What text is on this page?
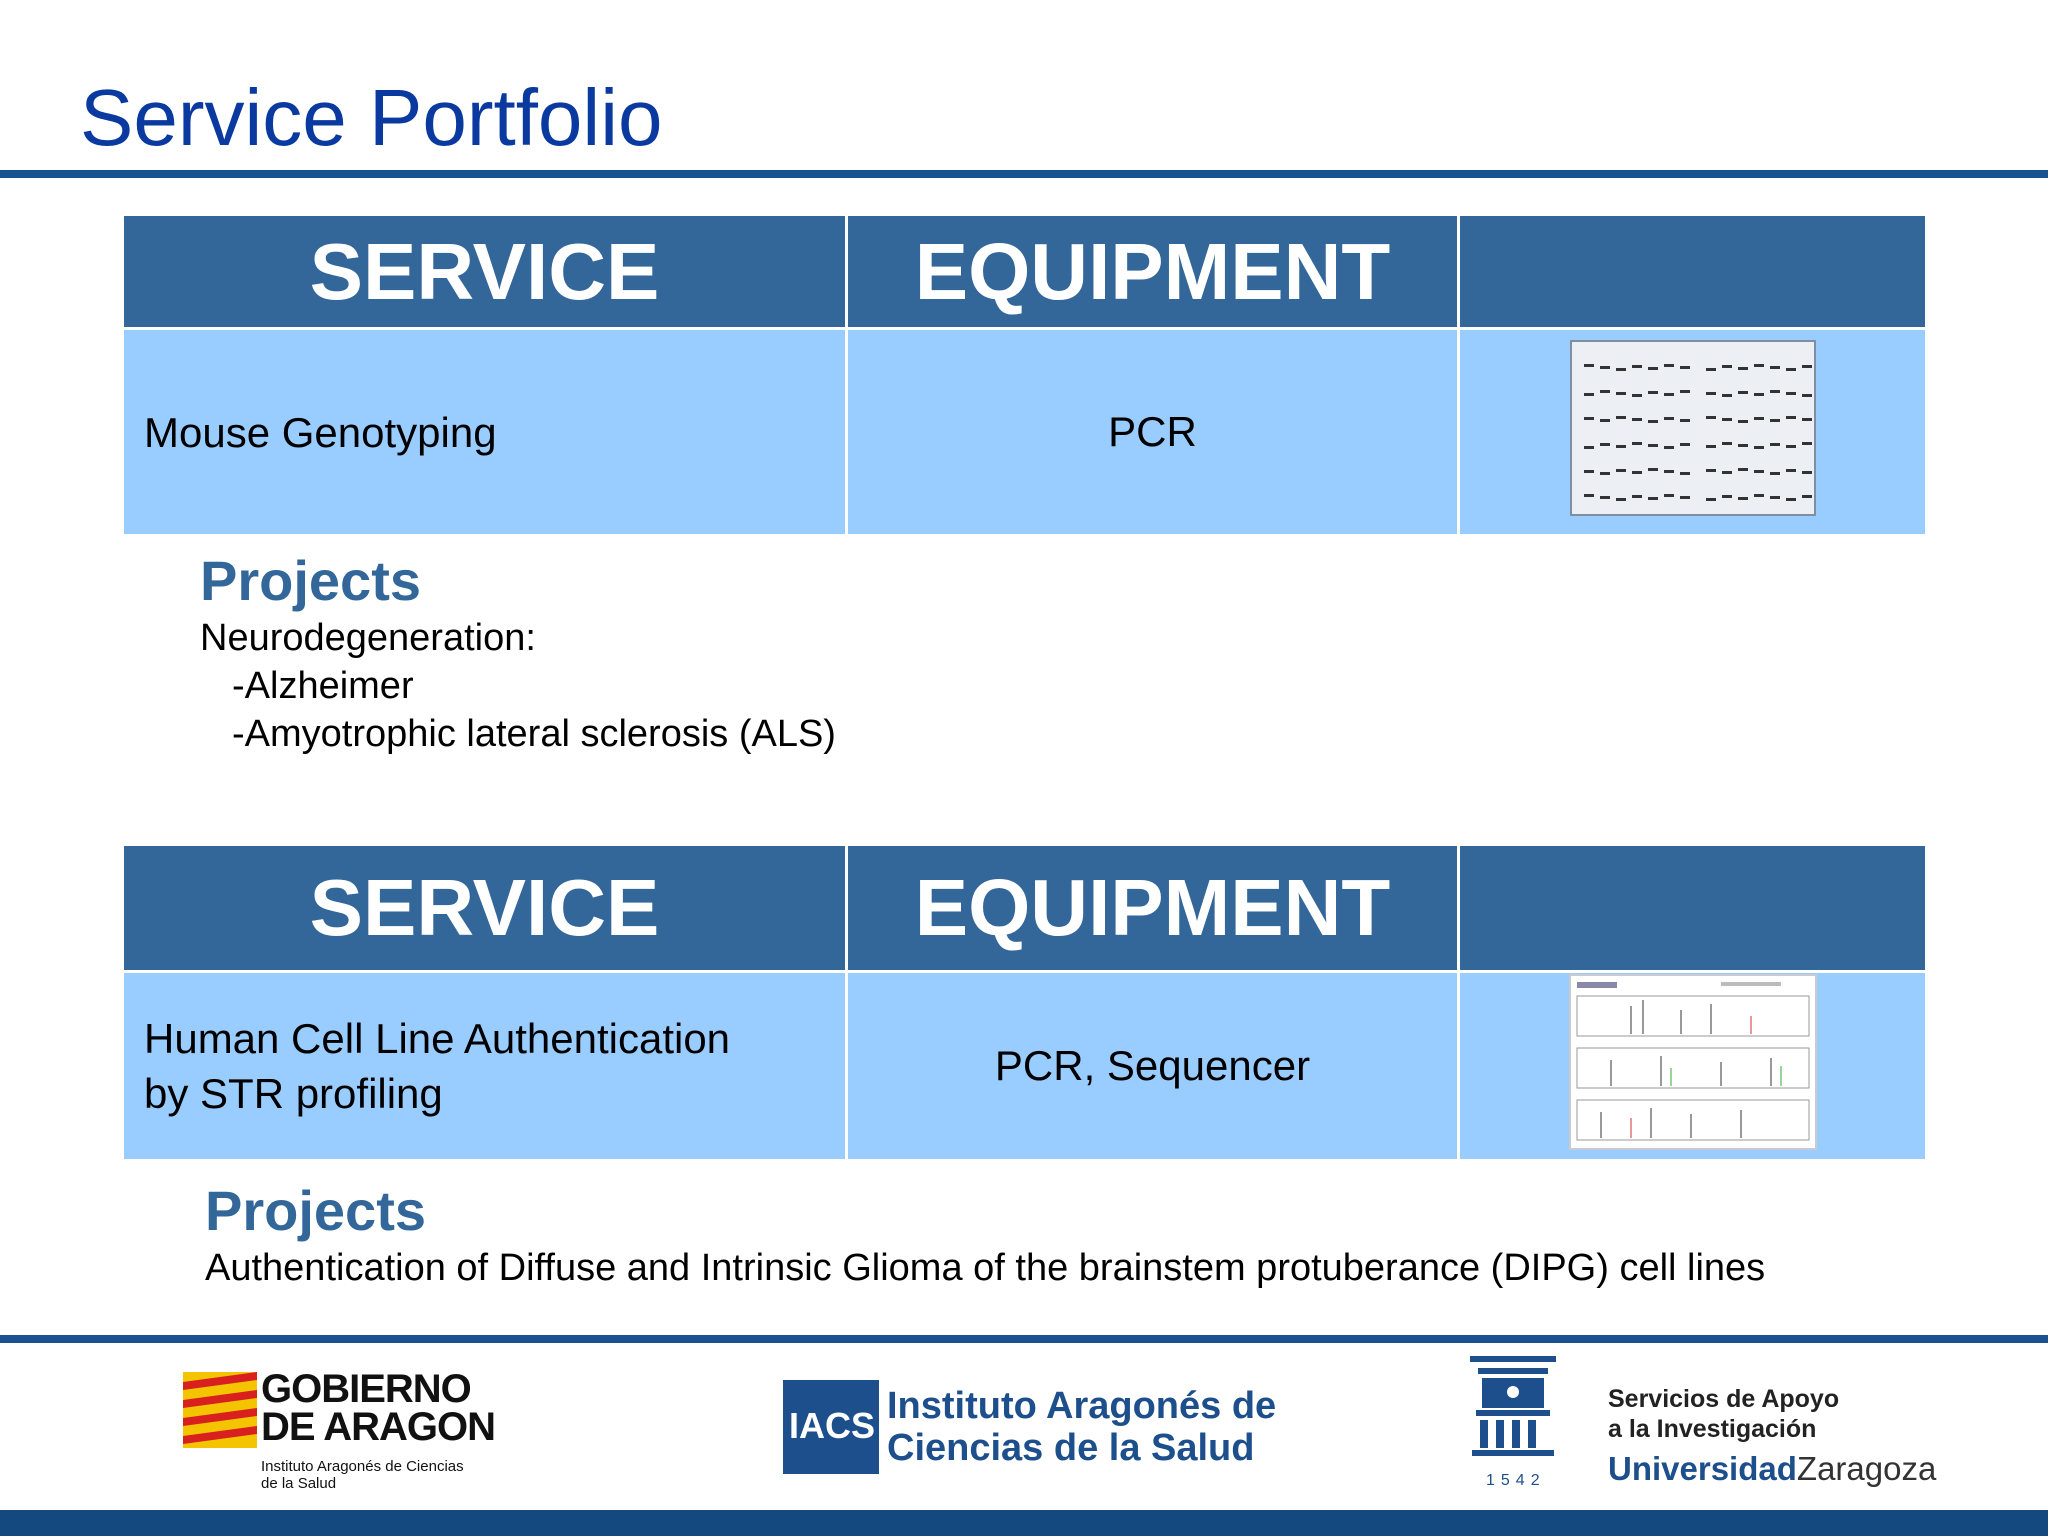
Service Portfolio
SERVICE	EQUIPMENT	
Mouse Genotyping	PCR	
Projects
Neurodegeneration:
-Alzheimer
-Amyotrophic lateral sclerosis (ALS)
SERVICE	EQUIPMENT	

Human Cell Line Authentication
by STR profiling	PCR, Sequencer	
Projects
Authentication of Diffuse and Intrinsic Glioma of the brainstem protuberance (DIPG) cell lines
GOBIERNO
DE ARAGON
Instituto Aragonés de Ciencias
de la Salud
IACS Instituto Aragonés de
Ciencias de la Salud
1542
Servicios de Apoyo
a la Investigación
UniversidadZaragoza
